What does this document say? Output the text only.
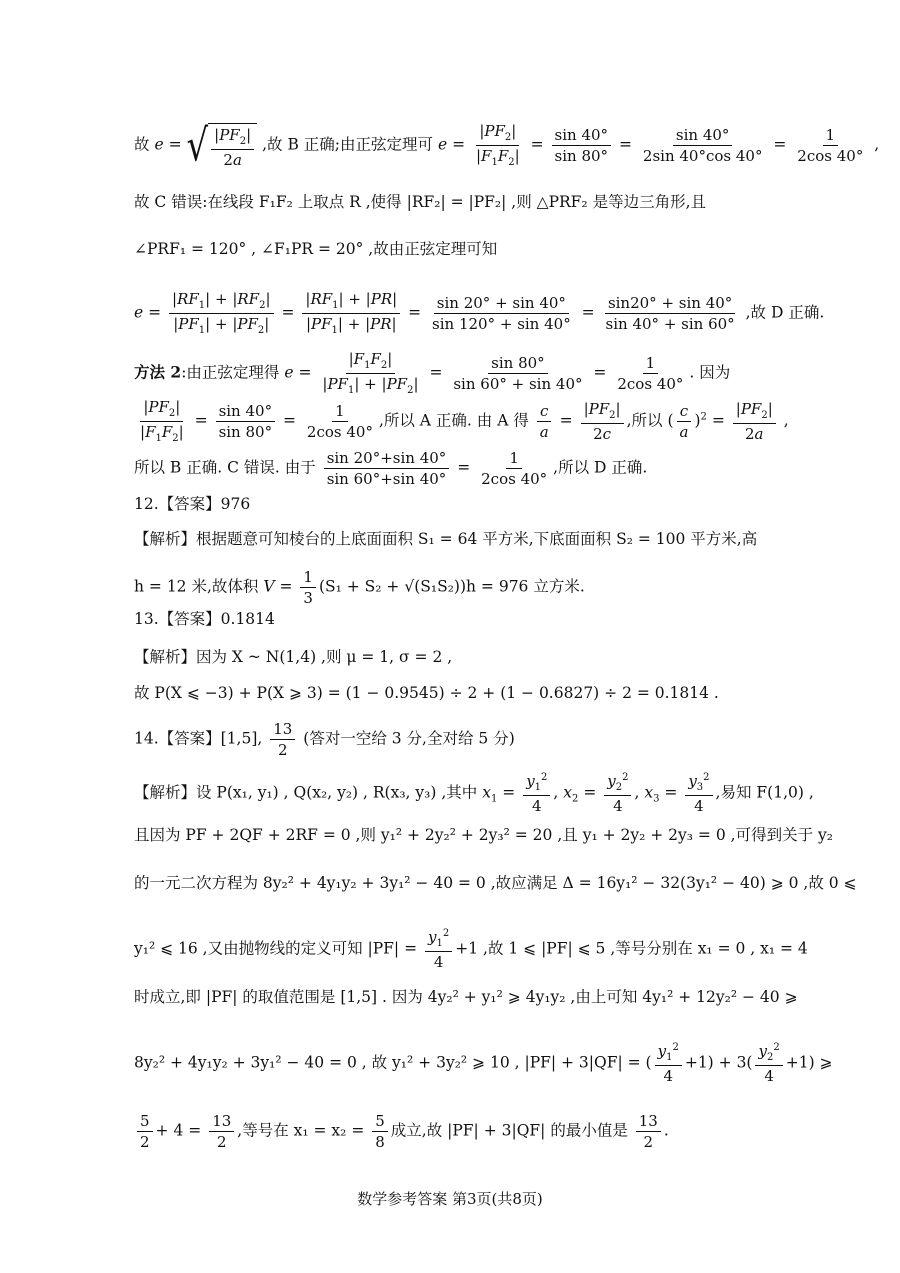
故 e = √ $\frac{|PF_2|}{2a}$ ,故 B 正确;由正弦定理可 $e = \frac{|PF_2|}{|F_1F_2|} = \frac{\sin 40^\circ}{\sin 80^\circ} = \frac{\sin 40^\circ}{2\sin 40^\circ\cos 40^\circ} = \frac{1}{2\cos 40^\circ}$ ,
故 C 错误:在线段 F₁F₂ 上取点 R ,使得 |RF₂| = |PF₂| ,则 △PRF₂ 是等边三角形,且
∠PRF₁ = 120° , ∠F₁PR = 20° ,故由正弦定理可知
$e = \frac{|RF_1| + |RF_2|}{|PF_1| + |PF_2|} = \frac{|RF_1| + |PR|}{|PF_1| + |PR|} = \frac{\sin 20^\circ + \sin 40^\circ}{\sin 120^\circ + \sin 40^\circ} = \frac{\sin 20^\circ + \sin 40^\circ}{\sin 40^\circ + \sin 60^\circ}$ ,故 D 正确.
方法 2:由正弦定理得 $e = \frac{|F_1F_2|}{|PF_1| + |PF_2|} = \frac{\sin 80^\circ}{\sin 60^\circ + \sin 40^\circ} = \frac{1}{2\cos 40^\circ}$ . 因为
$\frac{|PF_2|}{|F_1F_2|} = \frac{\sin 40^\circ}{\sin 80^\circ} = \frac{1}{2\cos 40^\circ}$ ,所以 A 正确. 由 A 得 $\frac{c}{a} = \frac{|PF_2|}{2c}$ ,所以 ( $\frac{c}{a} )^2 = \frac{|PF_2|}{2a}$ ,
所以 B 正确. C 错误. 由于 $\frac{\sin 20^\circ+\sin 40^\circ}{\sin 60^\circ+\sin 40^\circ} = \frac{1}{2\cos 40^\circ}$ ,所以 D 正确.
12.【答案】976
【解析】根据题意可知棱台的上底面面积 S₁ = 64 平方米,下底面面积 S₂ = 100 平方米,高
h = 12 米,故体积 $V = \frac{1}{3} (S_1 + S_2 + √(S_1S_2))h = 976$ 立方米.
13.【答案】0.1814
【解析】因为 X ~ N(1,4) ,则 μ = 1, σ = 2 ,
故 P(X ⩽ −3) + P(X ⩾ 3) = (1 − 0.9545) ÷ 2 + (1 − 0.6827) ÷ 2 = 0.1814 .
14.【答案】[1,5], $\frac{13}{2}$ (答对一空给 3 分,全对给 5 分)
【解析】设 P(x₁, y₁) , Q(x₂, y₂) , R(x₃, y₃) ,其中 $x_1 = \frac{y_1^2}{4}$ , $x_2 = \frac{y_2^2}{4}$ , $x_3 = \frac{y_3^2}{4}$ ,易知 F(1,0) ,
且因为 PF + 2QF + 2RF = 0 ,则 y₁² + 2y₂² + 2y₃² = 20 ,且 y₁ + 2y₂ + 2y₃ = 0 ,可得到关于 y₂
的一元二次方程为 8y₂² + 4y₁y₂ + 3y₁² − 40 = 0 ,故应满足 Δ = 16y₁² − 32(3y₁² − 40) ⩾ 0 ,故 0 ⩽
y₁² ⩽ 16 ,又由抛物线的定义可知 $|PF| = \frac{y_1^2}{4} +1$ ,故 1 ⩽ |PF| ⩽ 5 ,等号分别在 x₁ = 0 , x₁ = 4
时成立,即 |PF| 的取值范围是 [1,5] . 因为 4y₂² + y₁² ⩾ 4y₁y₂ ,由上可知 4y₁² + 12y₂² − 40 ⩾
8y₂² + 4y₁y₂ + 3y₁² − 40 = 0 , 故 y₁² + 3y₂² ⩾ 10 , |PF| + 3|QF| = ( $\frac{y_1^2}{4} +1) + 3( \frac{y_2^2}{4} +1)$ ⩾
$\frac{5}{2} + 4 = \frac{13}{2}$ ,等号在 $x_1 = x_2 = \frac{5}{8}$ 成立,故 |PF| + 3|QF| 的最小值是 $\frac{13}{2}$ .
数学参考答案 第3页(共8页)
